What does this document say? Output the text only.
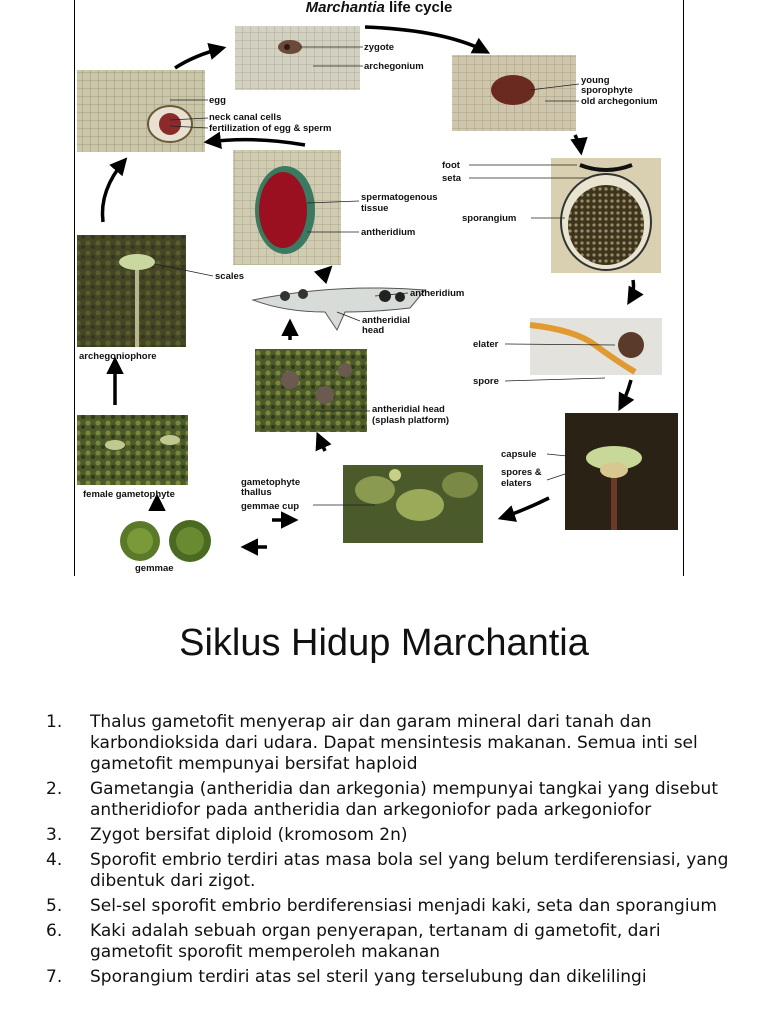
Marchantia life cycle
zygote
archegonium
egg
neck canal cells
fertilization of egg & sperm
young
sporophyte
old archegonium
foot
seta
sporangium
spermatogenous
tissue
antheridium
scales
antheridium
antheridial
head
archegoniophore
elater
spore
antheridial head
(splash platform)
capsule
spores &
elaters
female gametophyte
gametophyte
thallus
gemmae cup
gemmae
Siklus Hidup Marchantia
1.	Thalus gametofit menyerap air dan garam mineral dari tanah dan karbondioksida dari udara. Dapat mensintesis makanan. Semua inti sel gametofit mempunyai bersifat haploid
2.	Gametangia (antheridia dan arkegonia) mempunyai tangkai yang disebut antheridiofor pada antheridia dan arkegoniofor pada arkegoniofor
3.	Zygot bersifat diploid (kromosom 2n)
4.	Sporofit embrio terdiri atas masa bola sel yang belum terdiferensiasi, yang dibentuk dari zigot.
5.	Sel-sel sporofit embrio berdiferensiasi menjadi kaki, seta dan sporangium
6.	Kaki adalah sebuah organ penyerapan, tertanam di gametofit, dari gametofit sporofit memperoleh makanan
7.	Sporangium terdiri atas sel steril yang terselubung dan dikelilingi
